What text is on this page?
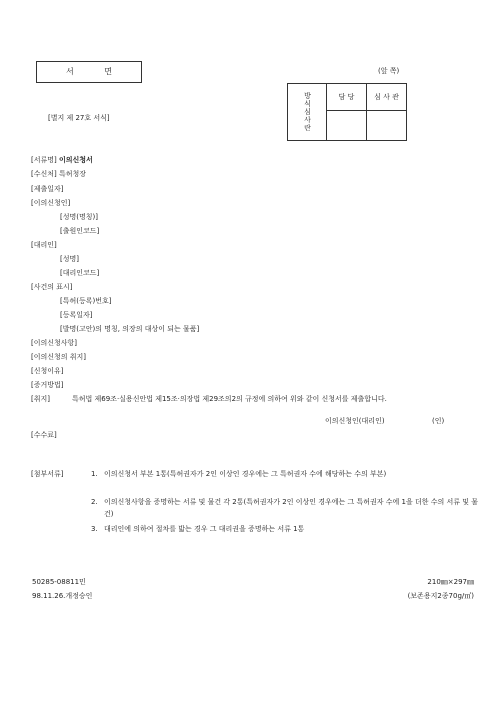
서 면	(앞 쪽)
[별지 제 27호 서식]	방식심사란	담 당	심 사 관

[서류명] 이의신청서
[수신처] 특허청장
[제출일자]
[이의신청인]
[성명(명칭)]
[출원인코드]
[대리인]
[성명]
[대리인코드]
[사건의 표시]
[특허(등록)번호]
[등록일자]
[발명(고안)의 명칭, 의장의 대상이 되는 물품]
[이의신청사항]
[이의신청의 취지]
[신청이유]
[증거방법]
[취지]	특허법 제69조·실용신안법 제15조·의장법 제29조의2의 규정에 의하여 위와 같이 신청서를 제출합니다.
이의신청인(대리인)	(인)
[수수료]
[첨부서류]	1. 이의신청서 부본 1통(특허권자가 2인 이상인 경우에는 그 특허권자 수에 해당하는 수의 부본)
2. 이의신청사항을 증명하는 서류 및 물건 각 2통(특허권자가 2인 이상인 경우에는 그 특허권자 수에 1을 더한 수의 서류 및 물건)
3. 대리인에 의하여 절차를 밟는 경우 그 대리권을 증명하는 서류 1통
50285-08811민
98.11.26.개정승인
210㎜×297㎜
(보존용지2종70g/㎡)
